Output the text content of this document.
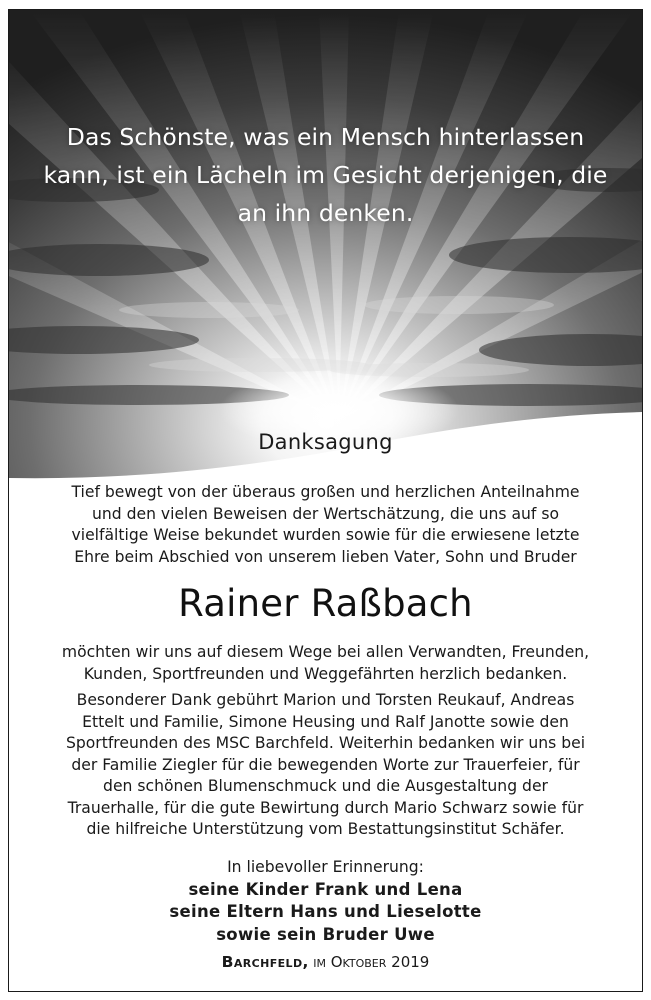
Das Schönste, was ein Mensch hinterlassen
kann, ist ein Lächeln im Gesicht derjenigen, die
an ihn denken.
Danksagung
Tief bewegt von der überaus großen und herzlichen Anteilnahme
und den vielen Beweisen der Wertschätzung, die uns auf so
vielfältige Weise bekundet wurden sowie für die erwiesene letzte
Ehre beim Abschied von unserem lieben Vater, Sohn und Bruder
Rainer Raßbach
möchten wir uns auf diesem Wege bei allen Verwandten, Freunden,
Kunden, Sportfreunden und Weggefährten herzlich bedanken.
Besonderer Dank gebührt Marion und Torsten Reukauf, Andreas
Ettelt und Familie, Simone Heusing und Ralf Janotte sowie den
Sportfreunden des MSC Barchfeld. Weiterhin bedanken wir uns bei
der Familie Ziegler für die bewegenden Worte zur Trauerfeier, für
den schönen Blumenschmuck und die Ausgestaltung der
Trauerhalle, für die gute Bewirtung durch Mario Schwarz sowie für
die hilfreiche Unterstützung vom Bestattungsinstitut Schäfer.
In liebevoller Erinnerung:
seine Kinder Frank und Lena
seine Eltern Hans und Lieselotte
sowie sein Bruder Uwe
Barchfeld, im Oktober 2019
